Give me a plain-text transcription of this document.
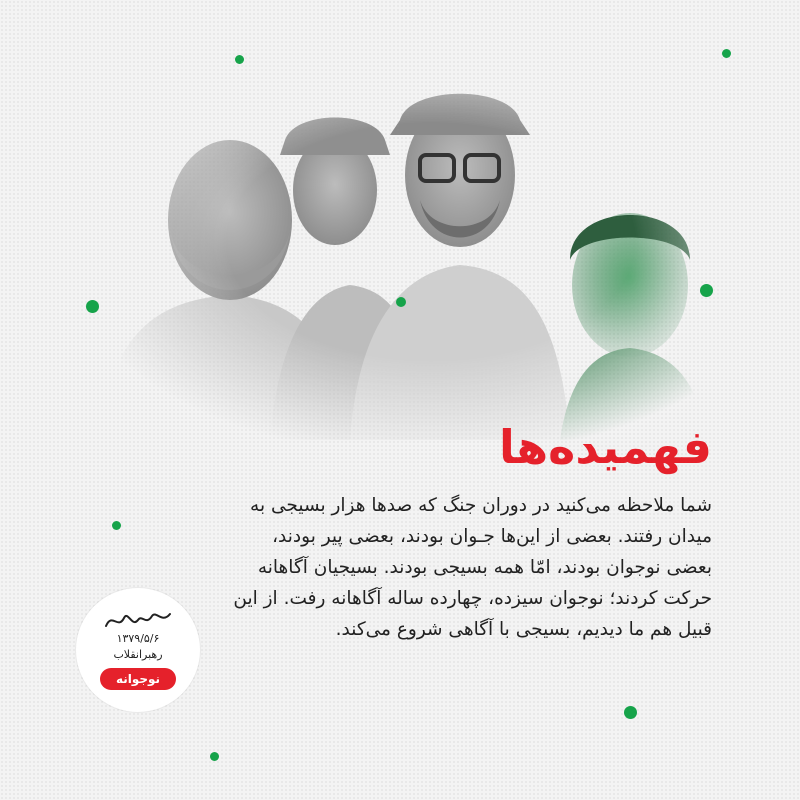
فهمیده‌ها

شما ملاحظه می‌کنید در دوران جنگ که صدها هزار بسیجی به

میدان رفتند. بعضی از این‌ها جـوان بودند، بعضی پیر بودند،

بعضی نوجوان بودند، امّا همه بسیجی بودند. بسیجیان آگاهانه

حرکت کردند؛ نوجوان سیزده، چهارده ساله آگاهانه رفت. از این

قبیل هم ما دیدیم، بسیجی با آگاهی شروع می‌کند.

۱۳۷۹/۵/۶
رهبرانقلاب
نوجوانه
